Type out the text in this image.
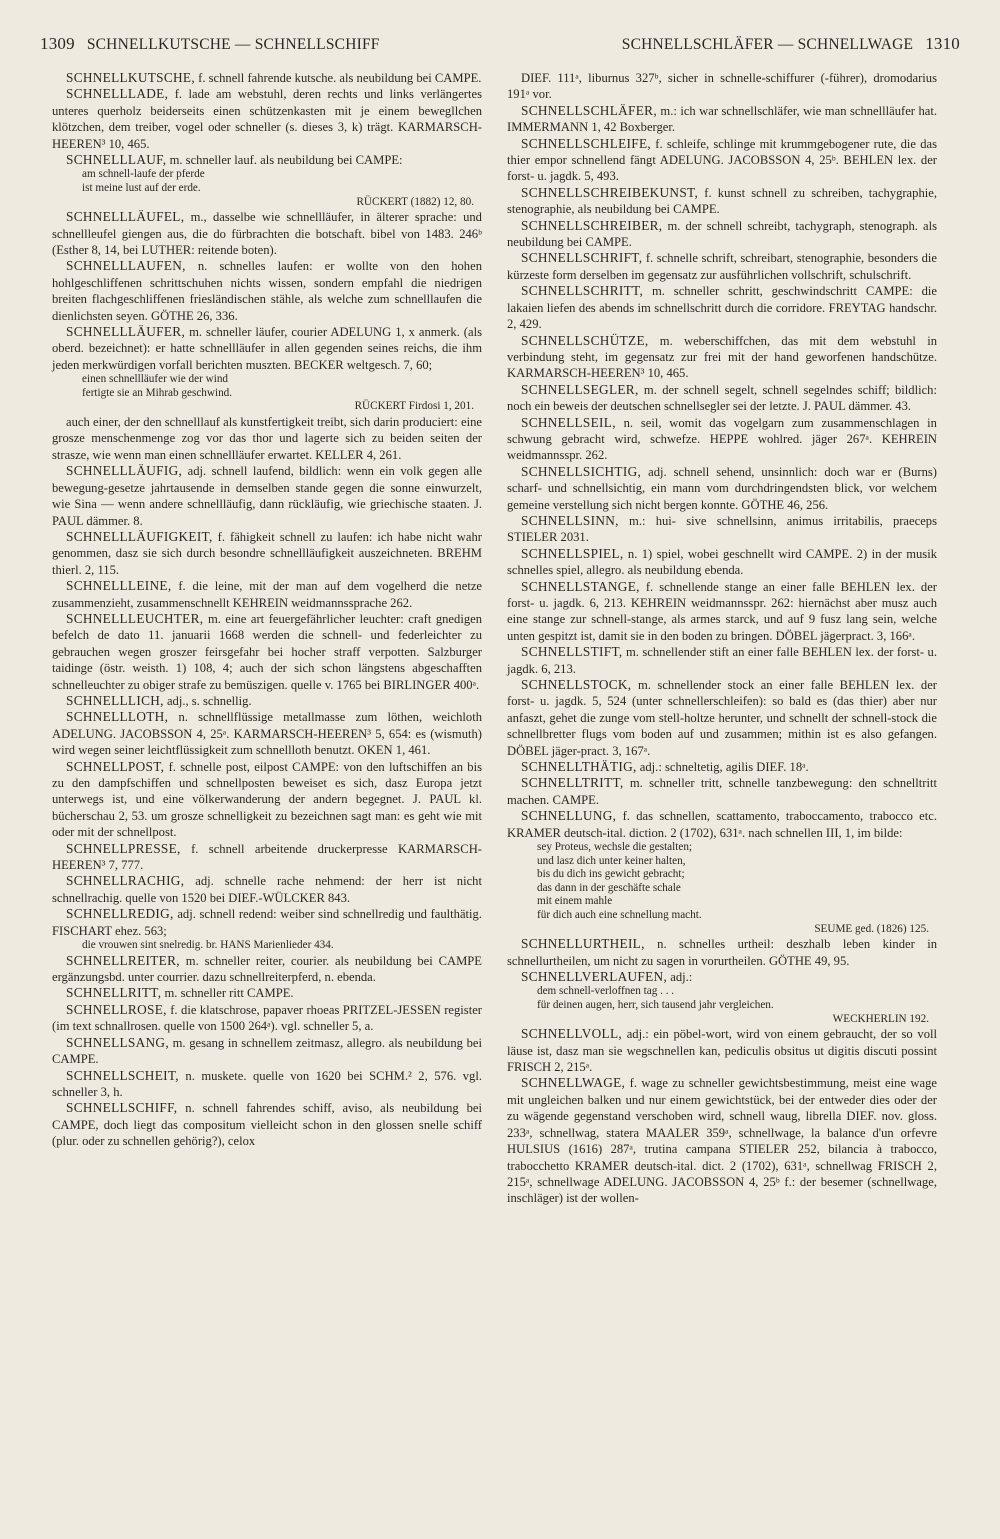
1309 SCHNELLKUTSCHE — SCHNELLSCHIFF	SCHNELLSCHLÄFER — SCHNELLWAGE 1310

SCHNELLKUTSCHE, f. schnell fahrende kutsche. als neubildung bei CAMPE.

SCHNELLLADE, f. lade am webstuhl, deren rechts und links verlängertes unteres querholz beiderseits einen schützenkasten mit je einem bewegllchen klötzchen, dem treiber, vogel oder schneller (s. dieses 3, k) trägt. KARMARSCH-HEEREN³ 10, 465.

SCHNELLLAUF, m. schneller lauf. als neubildung bei CAMPE:

am schnell-laufe der pferde
ist meine lust auf der erde.
RÜCKERT (1882) 12, 80.

SCHNELLLÄUFEL, m., dasselbe wie schnellläufer, in älterer sprache: und schnellleufel giengen aus, die do fürbrachten die botschaft. bibel von 1483. 246ᵇ (Esther 8, 14, bei LUTHER: reitende boten).

SCHNELLLAUFEN, n. schnelles laufen: er wollte von den hohen hohlgeschliffenen schrittschuhen nichts wissen, sondern empfahl die niedrigen breiten flachgeschliffenen friesländischen stähle, als welche zum schnelllaufen die dienlichsten seyen. GÖTHE 26, 336.

SCHNELLLÄUFER, m. schneller läufer, courier ADELUNG 1, x anmerk. (als oberd. bezeichnet): er hatte schnellläufer in allen gegenden seines reichs, die ihm jeden merkwürdigen vorfall berichten muszten. BECKER weltgesch. 7, 60;

einen schnellläufer wie der wind
fertigte sie an Mihrab geschwind.
RÜCKERT Firdosi 1, 201.

auch einer, der den schnelllauf als kunstfertigkeit treibt, sich darin produciert: eine grosze menschenmenge zog vor das thor und lagerte sich zu beiden seiten der strasze, wie wenn man einen schnellläufer erwartet. KELLER 4, 261.

SCHNELLLÄUFIG, adj. schnell laufend, bildlich: wenn ein volk gegen alle bewegung-gesetze jahrtausende in demselben stande gegen die sonne einwurzelt, wie Sina — wenn andere schnellläufig, dann rückläufig, wie griechische staaten. J. PAUL dämmer. 8.

SCHNELLLÄUFIGKEIT, f. fähigkeit schnell zu laufen: ich habe nicht wahr genommen, dasz sie sich durch besondre schnellläufigkeit auszeichneten. BREHM thierl. 2, 115.

SCHNELLLEINE, f. die leine, mit der man auf dem vogelherd die netze zusammenzieht, zusammenschnellt KEHREIN weidmannssprache 262.

SCHNELLLEUCHTER, m. eine art feuergefährlicher leuchter: craft gnedigen befelch de dato 11. januarii 1668 werden die schnell- und federleichter zu gebrauchen wegen groszer feirsgefahr bei hocher straff verpotten. Salzburger taidinge (östr. weisth. 1) 108, 4; auch der sich schon längstens abgeschafften schnelleuchter zu obiger strafe zu bemüszigen. quelle v. 1765 bei BIRLINGER 400ᵃ.

SCHNELLLICH, adj., s. schnellig.

SCHNELLLOTH, n. schnellflüssige metallmasse zum löthen, weichloth ADELUNG. JACOBSSON 4, 25ᵃ. KARMARSCH-HEEREN³ 5, 654: es (wismuth) wird wegen seiner leichtflüssigkeit zum schnellloth benutzt. OKEN 1, 461.

SCHNELLPOST, f. schnelle post, eilpost CAMPE: von den luftschiffen an bis zu den dampfschiffen und schnellposten beweiset es sich, dasz Europa jetzt unterwegs ist, und eine völkerwanderung der andern begegnet. J. PAUL kl. bücherschau 2, 53. um grosze schnelligkeit zu bezeichnen sagt man: es geht wie mit oder mit der schnellpost.

SCHNELLPRESSE, f. schnell arbeitende druckerpresse KARMARSCH-HEEREN³ 7, 777.

SCHNELLRACHIG, adj. schnelle rache nehmend: der herr ist nicht schnellrachig. quelle von 1520 bei DIEF.-WÜLCKER 843.

SCHNELLREDIG, adj. schnell redend: weiber sind schnellredig und faulthätig. FISCHART ehez. 563;

die vrouwen sint snelredig. br. HANS Marienlieder 434.

SCHNELLREITER, m. schneller reiter, courier. als neubildung bei CAMPE ergänzungsbd. unter courrier. dazu schnellreiterpferd, n. ebenda.

SCHNELLRITT, m. schneller ritt CAMPE.

SCHNELLROSE, f. die klatschrose, papaver rhoeas PRITZEL-JESSEN register (im text schnallrosen. quelle von 1500 264ᵃ). vgl. schneller 5, a.

SCHNELLSANG, m. gesang in schnellem zeitmasz, allegro. als neubildung bei CAMPE.

SCHNELLSCHEIT, n. muskete. quelle von 1620 bei SCHM.² 2, 576. vgl. schneller 3, h.

SCHNELLSCHIFF, n. schnell fahrendes schiff, aviso, als neubildung bei CAMPE, doch liegt das compositum vielleicht schon in den glossen snelle schiff (plur. oder zu schnellen gehörig?), celox

DIEF. 111ᵃ, liburnus 327ᵇ, sicher in schnelle-schiffurer (-führer), dromodarius 191ᵃ vor.

SCHNELLSCHLÄFER, m.: ich war schnellschläfer, wie man schnellläufer hat. IMMERMANN 1, 42 Boxberger.

SCHNELLSCHLEIFE, f. schleife, schlinge mit krummgebogener rute, die das thier empor schnellend fängt ADELUNG. JACOBSSON 4, 25ᵇ. BEHLEN lex. der forst- u. jagdk. 5, 493.

SCHNELLSCHREIBEKUNST, f. kunst schnell zu schreiben, tachygraphie, stenographie, als neubildung bei CAMPE.

SCHNELLSCHREIBER, m. der schnell schreibt, tachygraph, stenograph. als neubildung bei CAMPE.

SCHNELLSCHRIFT, f. schnelle schrift, schreibart, stenographie, besonders die kürzeste form derselben im gegensatz zur ausführlichen vollschrift, schulschrift.

SCHNELLSCHRITT, m. schneller schritt, geschwindschritt CAMPE: die lakaien liefen des abends im schnellschritt durch die corridore. FREYTAG handschr. 2, 429.

SCHNELLSCHÜTZE, m. weberschiffchen, das mit dem webstuhl in verbindung steht, im gegensatz zur frei mit der hand geworfenen handschütze. KARMARSCH-HEEREN³ 10, 465.

SCHNELLSEGLER, m. der schnell segelt, schnell segelndes schiff; bildlich: noch ein beweis der deutschen schnellsegler sei der letzte. J. PAUL dämmer. 43.

SCHNELLSEIL, n. seil, womit das vogelgarn zum zusammenschlagen in schwung gebracht wird, schwefze. HEPPE wohlred. jäger 267ᵃ. KEHREIN weidmannsspr. 262.

SCHNELLSICHTIG, adj. schnell sehend, unsinnlich: doch war er (Burns) scharf- und schnellsichtig, ein mann vom durchdringendsten blick, vor welchem gemeine verstellung sich nicht bergen konnte. GÖTHE 46, 256.

SCHNELLSINN, m.: hui- sive schnellsinn, animus irritabilis, praeceps STIELER 2031.

SCHNELLSPIEL, n. 1) spiel, wobei geschnellt wird CAMPE. 2) in der musik schnelles spiel, allegro. als neubildung ebenda.

SCHNELLSTANGE, f. schnellende stange an einer falle BEHLEN lex. der forst- u. jagdk. 6, 213. KEHREIN weidmannsspr. 262: hiernächst aber musz auch eine stange zur schnell-stange, als armes starck, und auf 9 fusz lang sein, welche unten gespitzt ist, damit sie in den boden zu bringen. DÖBEL jägerpract. 3, 166ᵃ.

SCHNELLSTIFT, m. schnellender stift an einer falle BEHLEN lex. der forst- u. jagdk. 6, 213.

SCHNELLSTOCK, m. schnellender stock an einer falle BEHLEN lex. der forst- u. jagdk. 5, 524 (unter schnellerschleifen): so bald es (das thier) aber nur anfaszt, gehet die zunge vom stell-holtze herunter, und schnellt der schnell-stock die schnellbretter flugs vom boden auf und zusammen; mithin ist es also gefangen. DÖBEL jäger-pract. 3, 167ᵃ.

SCHNELLTHÄTIG, adj.: schneltetig, agilis DIEF. 18ᵃ.

SCHNELLTRITT, m. schneller tritt, schnelle tanzbewegung: den schnelltritt machen. CAMPE.

SCHNELLUNG, f. das schnellen, scattamento, traboccamento, trabocco etc. KRAMER deutsch-ital. diction. 2 (1702), 631ᵃ. nach schnellen III, 1, im bilde:

sey Proteus, wechsle die gestalten;
und lasz dich unter keiner halten,
bis du dich ins gewicht gebracht;
das dann in der geschäfte schale
mit einem mahle
für dich auch eine schnellung macht.
SEUME ged. (1826) 125.

SCHNELLURTHEIL, n. schnelles urtheil: deszhalb leben kinder in schnellurtheilen, um nicht zu sagen in vorurtheilen. GÖTHE 49, 95.

SCHNELLVERLAUFEN, adj.:

dem schnell-verloffnen tag . . .
für deinen augen, herr, sich tausend jahr vergleichen.
WECKHERLIN 192.

SCHNELLVOLL, adj.: ein pöbel-wort, wird von einem gebraucht, der so voll läuse ist, dasz man sie wegschnellen kan, pediculis obsitus ut digitis discuti possint FRISCH 2, 215ᵃ.

SCHNELLWAGE, f. wage zu schneller gewichtsbestimmung, meist eine wage mit ungleichen balken und nur einem gewichtstück, bei der entweder dies oder der zu wägende gegenstand verschoben wird, schnell waug, librella DIEF. nov. gloss. 233ᵃ, schnellwag, statera MAALER 359ᵃ, schnellwage, la balance d'un orfevre HULSIUS (1616) 287ᵃ, trutina campana STIELER 252, bilancia à trabocco, trabocchetto KRAMER deutsch-ital. dict. 2 (1702), 631ᵃ, schnellwag FRISCH 2, 215ᵃ, schnellwage ADELUNG. JACOBSSON 4, 25ᵇ f.: der besemer (schnellwage, inschläger) ist der wollen-
